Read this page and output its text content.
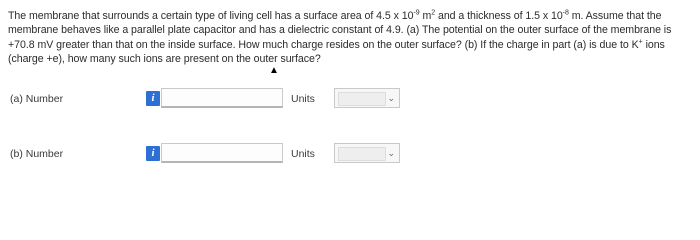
The membrane that surrounds a certain type of living cell has a surface area of 4.5 x $10^{-9}$ $m^2$ and a thickness of 1.5 x $10^{-8}$ m. Assume that the membrane behaves like a parallel plate capacitor and has a dielectric constant of 4.9. (a) The potential on the outer surface of the membrane is +70.8 mV greater than that on the inside surface. How much charge resides on the outer surface? (b) If the charge in part (a) is due to K+ ions (charge +e), how many such ions are present on the outer surface?
▲
(a) Number	i	Units	⌄
(b) Number	i	Units	⌄
